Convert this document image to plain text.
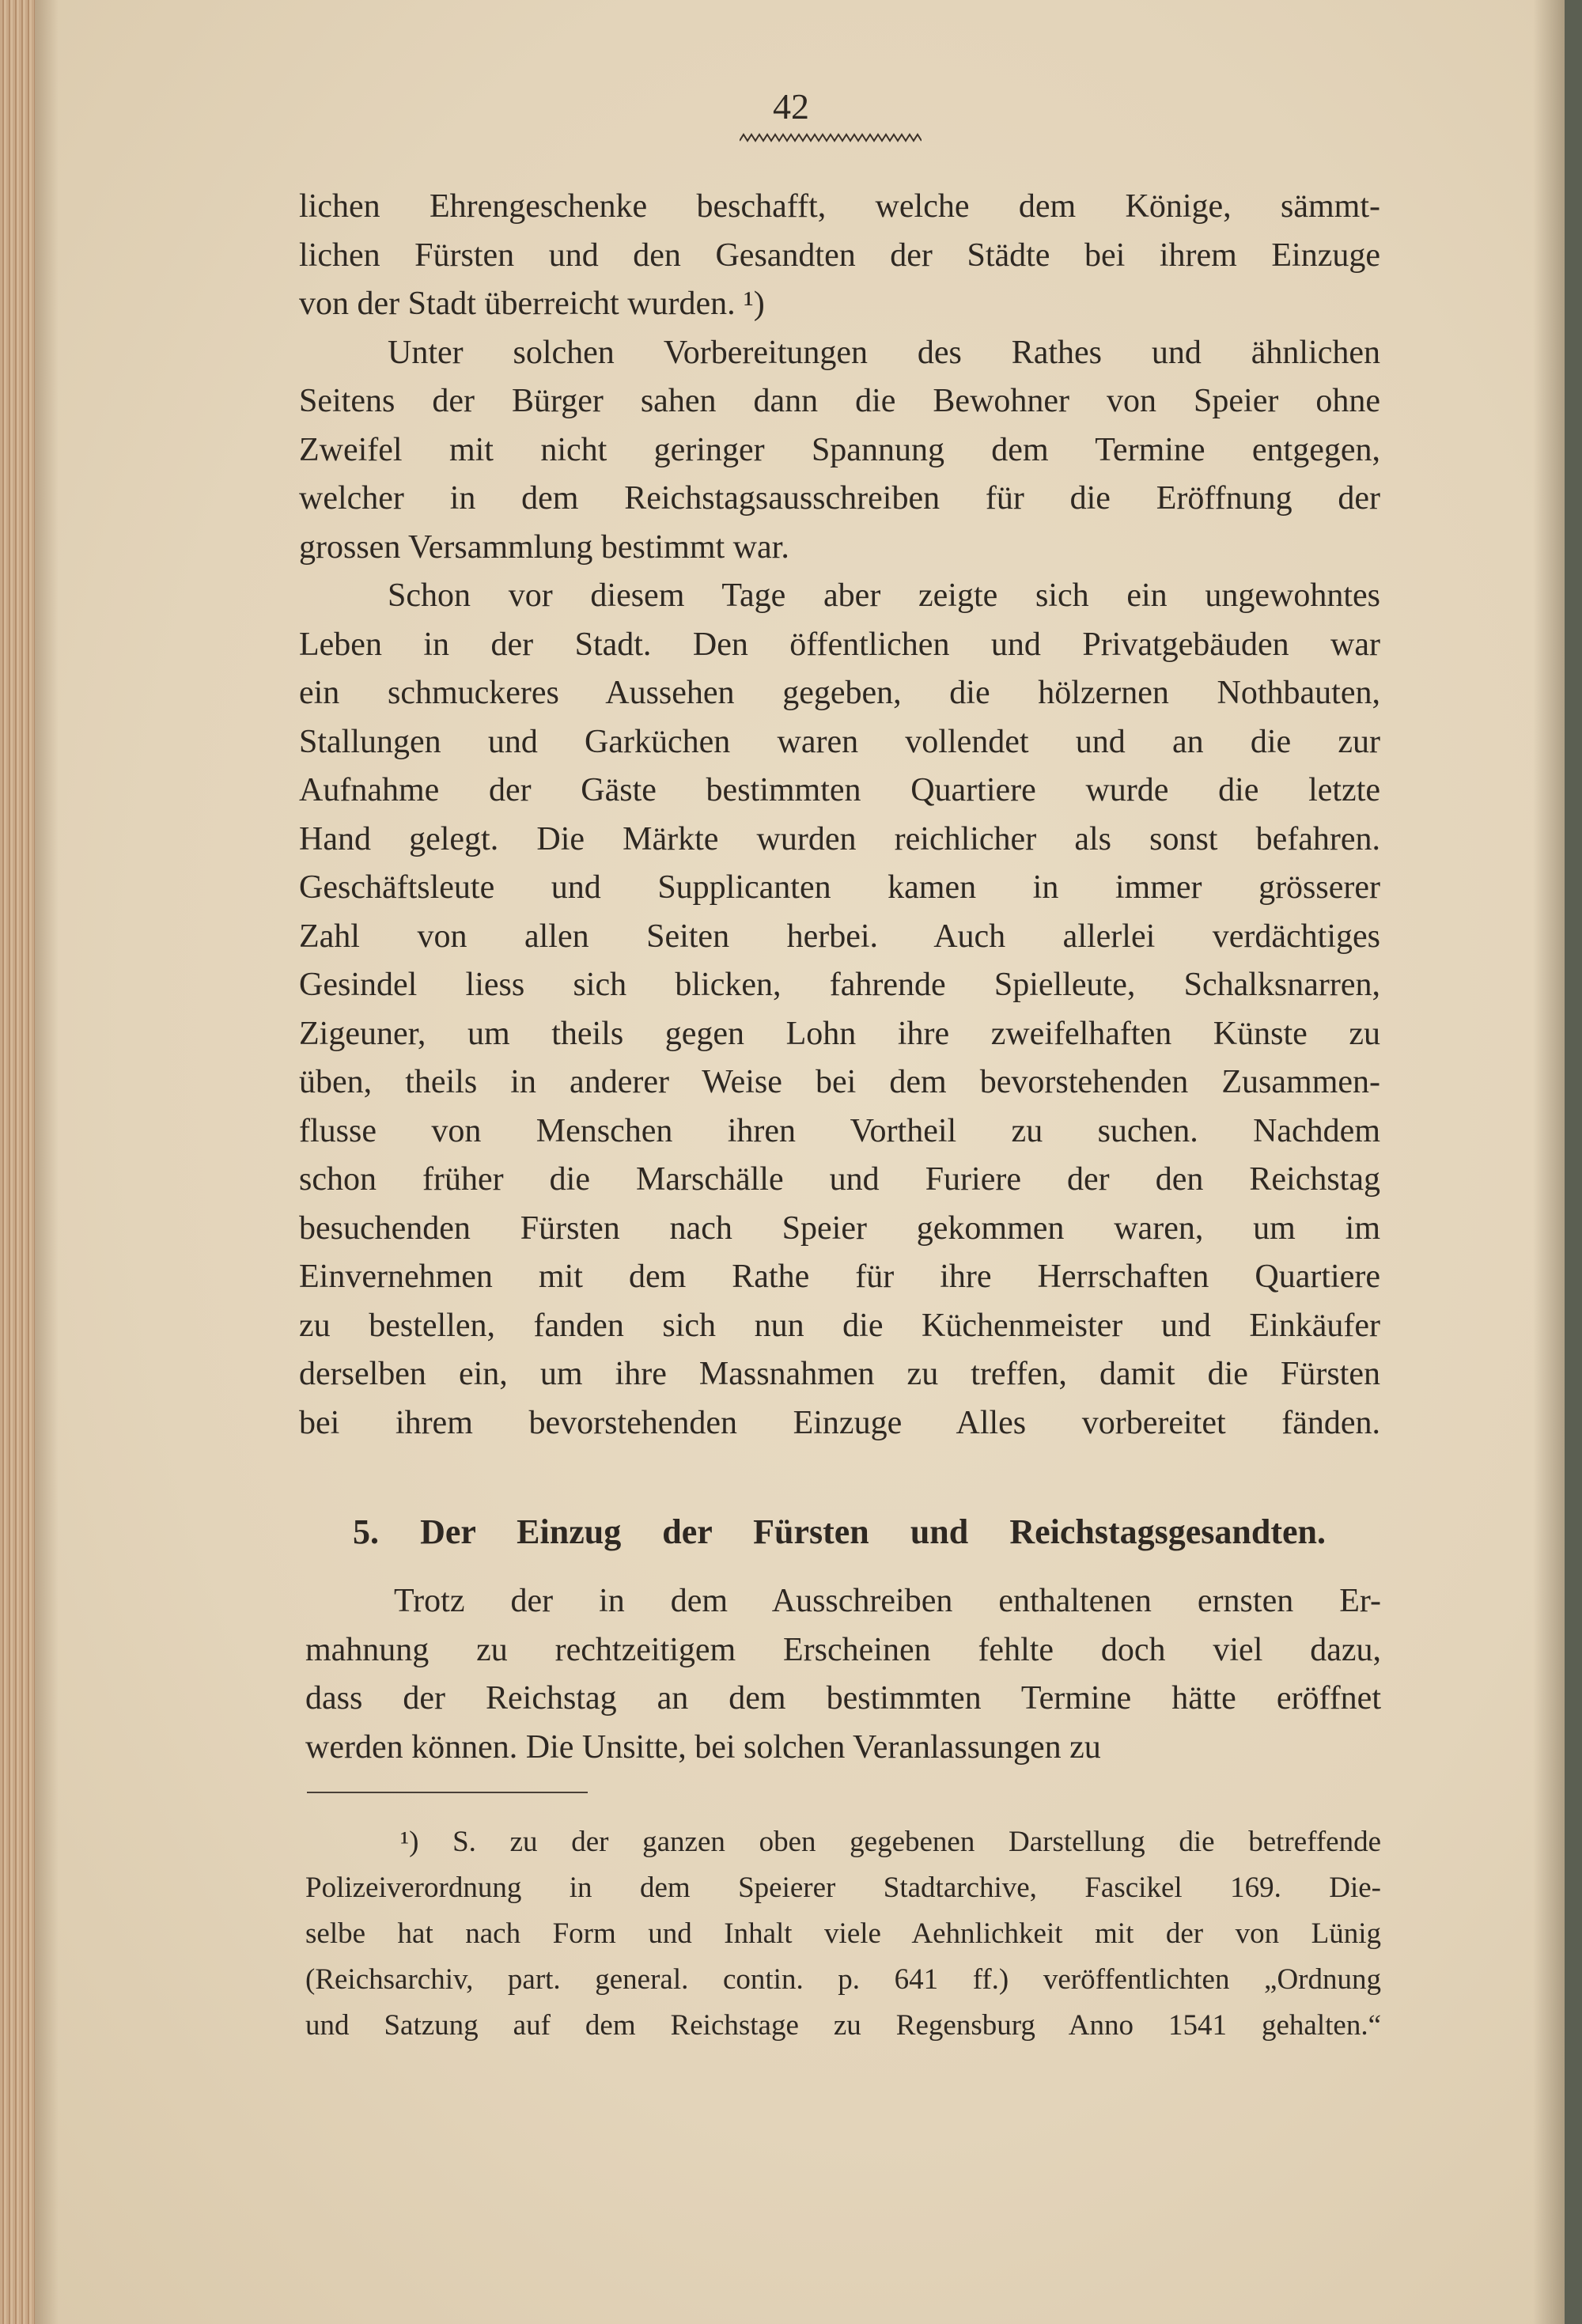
42
lichen Ehrengeschenke beschafft, welche dem Könige, sämmt-
lichen Fürsten und den Gesandten der Städte bei ihrem Einzuge
von der Stadt überreicht wurden. ¹)
Unter solchen Vorbereitungen des Rathes und ähnlichen
Seitens der Bürger sahen dann die Bewohner von Speier ohne
Zweifel mit nicht geringer Spannung dem Termine entgegen,
welcher in dem Reichstagsausschreiben für die Eröffnung der
grossen Versammlung bestimmt war.
Schon vor diesem Tage aber zeigte sich ein ungewohntes
Leben in der Stadt. Den öffentlichen und Privatgebäuden war
ein schmuckeres Aussehen gegeben, die hölzernen Nothbauten,
Stallungen und Garküchen waren vollendet und an die zur
Aufnahme der Gäste bestimmten Quartiere wurde die letzte
Hand gelegt. Die Märkte wurden reichlicher als sonst befahren.
Geschäftsleute und Supplicanten kamen in immer grösserer
Zahl von allen Seiten herbei. Auch allerlei verdächtiges
Gesindel liess sich blicken, fahrende Spielleute, Schalksnarren,
Zigeuner, um theils gegen Lohn ihre zweifelhaften Künste zu
üben, theils in anderer Weise bei dem bevorstehenden Zusammen-
flusse von Menschen ihren Vortheil zu suchen. Nachdem
schon früher die Marschälle und Furiere der den Reichstag
besuchenden Fürsten nach Speier gekommen waren, um im
Einvernehmen mit dem Rathe für ihre Herrschaften Quartiere
zu bestellen, fanden sich nun die Küchenmeister und Einkäufer
derselben ein, um ihre Massnahmen zu treffen, damit die Fürsten
bei ihrem bevorstehenden Einzuge Alles vorbereitet fänden.
5. Der Einzug der Fürsten und Reichstagsgesandten.
Trotz der in dem Ausschreiben enthaltenen ernsten Er-
mahnung zu rechtzeitigem Erscheinen fehlte doch viel dazu,
dass der Reichstag an dem bestimmten Termine hätte eröffnet
werden können. Die Unsitte, bei solchen Veranlassungen zu
¹) S. zu der ganzen oben gegebenen Darstellung die betreffende
Polizeiverordnung in dem Speierer Stadtarchive, Fascikel 169. Die-
selbe hat nach Form und Inhalt viele Aehnlichkeit mit der von Lünig
(Reichsarchiv, part. general. contin. p. 641 ff.) veröffentlichten „Ordnung
und Satzung auf dem Reichstage zu Regensburg Anno 1541 gehalten.“
